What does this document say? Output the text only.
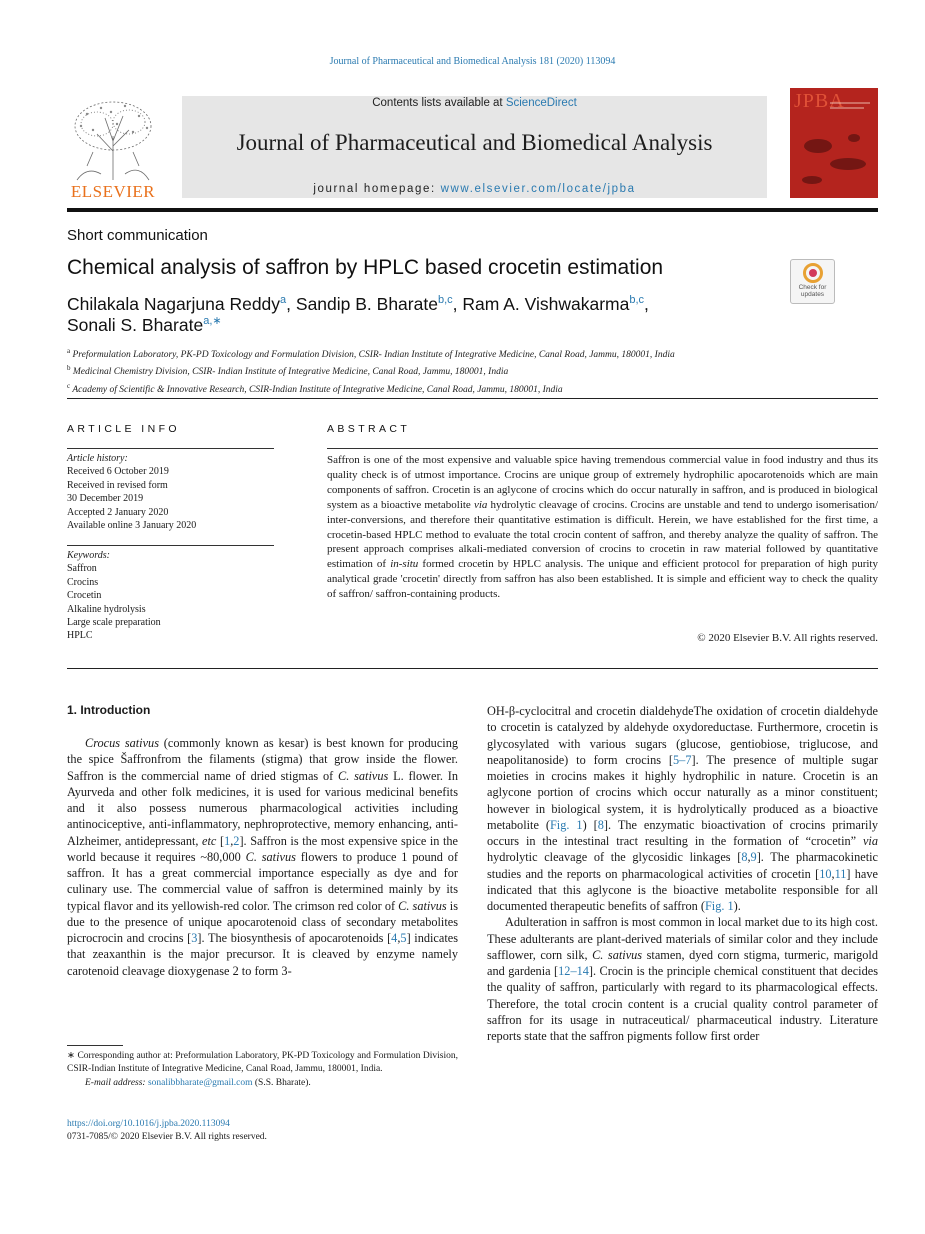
Journal of Pharmaceutical and Biomedical Analysis 181 (2020) 113094
ELSEVIER
Contents lists available at ScienceDirect
Journal of Pharmaceutical and Biomedical Analysis
journal homepage: www.elsevier.com/locate/jpba
JPBA
Short communication
Chemical analysis of saffron by HPLC based crocetin estimation
Check for updates
Chilakala Nagarjuna Reddy$^a$, Sandip B. Bharate$^{b,c}$, Ram A. Vishwakarma$^{b,c}$,
Sonali S. Bharate$^{a,∗}$
$^a$ Preformulation Laboratory, PK-PD Toxicology and Formulation Division, CSIR- Indian Institute of Integrative Medicine, Canal Road, Jammu, 180001, India
$^b$ Medicinal Chemistry Division, CSIR- Indian Institute of Integrative Medicine, Canal Road, Jammu, 180001, India
$^c$ Academy of Scientific & Innovative Research, CSIR-Indian Institute of Integrative Medicine, Canal Road, Jammu, 180001, India
ARTICLE INFO
Article history:
Received 6 October 2019
Received in revised form
30 December 2019
Accepted 2 January 2020
Available online 3 January 2020
Keywords:
Saffron
Crocins
Crocetin
Alkaline hydrolysis
Large scale preparation
HPLC
ABSTRACT
Saffron is one of the most expensive and valuable spice having tremendous commercial value in food industry and thus its quality check is of utmost importance. Crocins are unique group of extremely hydrophilic apocarotenoids which are main components of saffron. Crocetin is an aglycone of crocins which do occur naturally in saffron, and is produced in biological system as a bioactive metabolite via hydrolytic cleavage of crocins. Crocins are unstable and tend to undergo isomerisation/ inter-conversions, and therefore their quantitative estimation is difficult. Herein, we have established for the first time, a crocetin-based HPLC method to evaluate the total crocin content of saffron, and thereby analyze the quality of saffron. The present approach comprises alkali-mediated conversion of crocins to crocetin in raw material followed by quantitative estimation of in-situ formed crocetin by HPLC analysis. The unique and efficient protocol for preparation of high purity analytical grade 'crocetin' directly from saffron has also been established. It is simple and efficient way to check the quality of saffron/ saffron-containing products.
© 2020 Elsevier B.V. All rights reserved.
1. Introduction

Crocus sativus (commonly known as kesar) is best known for producing the spice Šaffronfrom the filaments (stigma) that grow inside the flower. Saffron is the commercial name of dried stigmas of C. sativus L. flower. In Ayurveda and other folk medicines, it is used for various medicinal benefits and it also possess numerous pharmacological activities including antinociceptive, anti-inflammatory, nephroprotective, memory enhancing, anti-Alzheimer, antidepressant, etc [1,2]. Saffron is the most expensive spice in the world because it requires ~80,000 C. sativus flowers to produce 1 pound of saffron. It has a great commercial importance especially as dye and for culinary use. The commercial value of saffron is determined mainly by its typical flavor and its yellowish-red color. The crimson red color of C. sativus is due to the presence of unique apocarotenoid class of secondary metabolites picrocrocin and crocins [3]. The biosynthesis of apocarotenoids [4,5] indicates that zeaxanthin is the major precursor. It is cleaved by enzyme namely carotenoid cleavage dioxygenase 2 to form 3-

OH-β-cyclocitral and crocetin dialdehydeThe oxidation of crocetin dialdehyde to crocetin is catalyzed by aldehyde oxydoreductase. Furthermore, crocetin is glycosylated with various sugars (glucose, gentiobiose, triglucose, and neapolitanoside) to form crocins [5–7]. The presence of multiple sugar moieties in crocins makes it highly hydrophilic in nature. Crocetin is an aglycone portion of crocins which occur naturally as a minor constituent; however in biological system, it is hydrolytically produced as a bioactive metabolite (Fig. 1) [8]. The enzymatic bioactivation of crocins primarily occurs in the intestinal tract resulting in the formation of “crocetin” via hydrolytic cleavage of the glycosidic linkages [8,9]. The pharmacokinetic studies and the reports on pharmacological activities of crocetin [10,11] have indicated that this aglycone is the bioactive metabolite responsible for all documented therapeutic benefits of saffron (Fig. 1).

Adulteration in saffron is most common in local market due to its high cost. These adulterants are plant-derived materials of similar color and they include safflower, corn silk, C. sativus stamen, dyed corn stigma, turmeric, marigold and gardenia [12–14]. Crocin is the principle chemical constituent that decides the quality of saffron, particularly with regard to its pharmacological effects. Therefore, the total crocin content is a crucial quality control parameter of saffron for its usage in nutraceutical/ pharmaceutical industry. Literature reports state that the saffron pigments follow first order

∗ Corresponding author at: Preformulation Laboratory, PK-PD Toxicology and Formulation Division, CSIR-Indian Institute of Integrative Medicine, Canal Road, Jammu, 180001, India.
E-mail address: sonalibbharate@gmail.com (S.S. Bharate).
https://doi.org/10.1016/j.jpba.2020.113094
0731-7085/© 2020 Elsevier B.V. All rights reserved.
